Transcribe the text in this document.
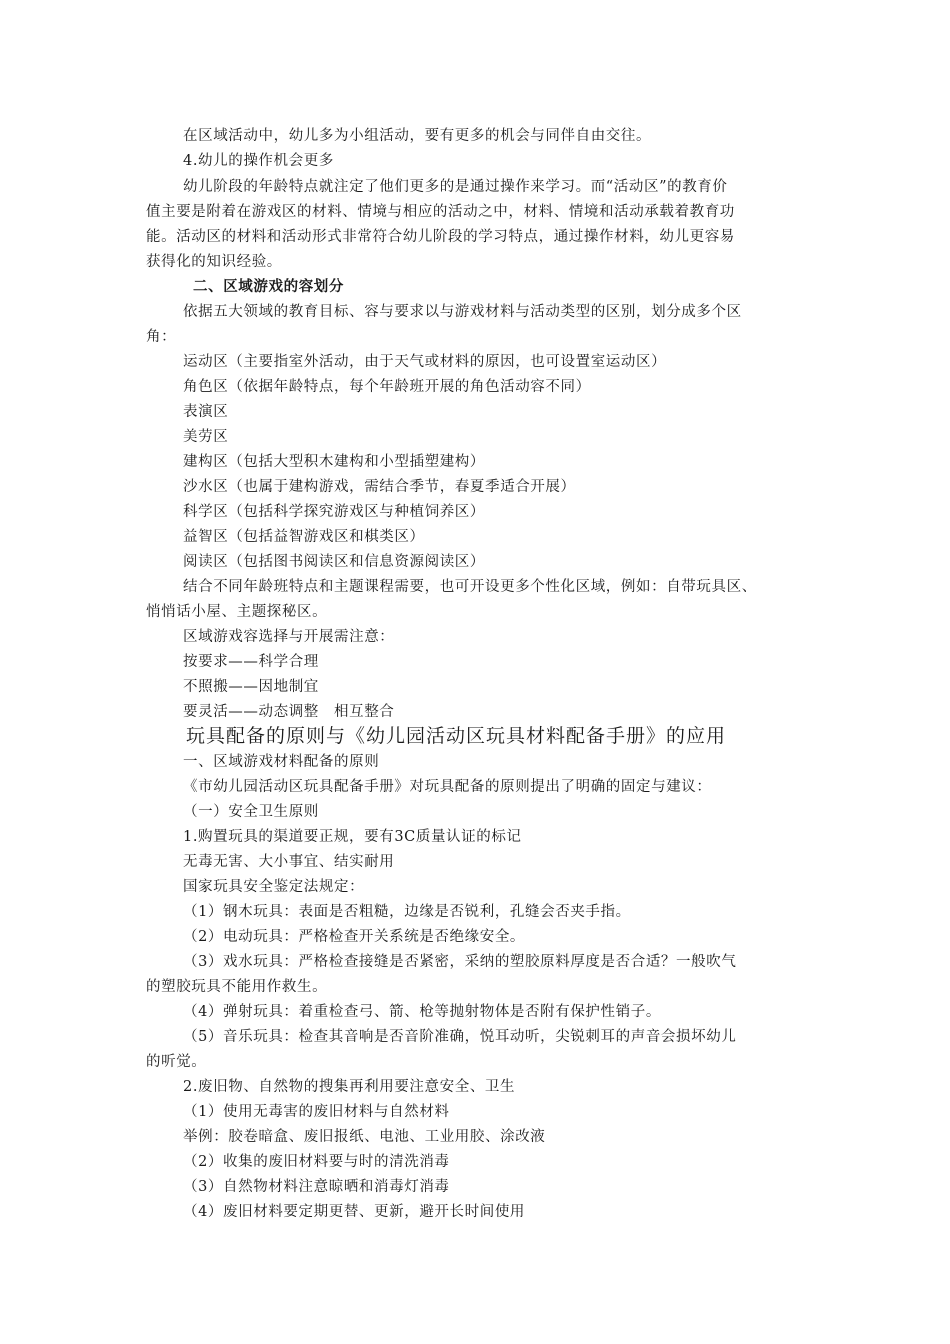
在区域活动中，幼儿多为小组活动，要有更多的机会与同伴自由交往。
4.幼儿的操作机会更多
幼儿阶段的年龄特点就注定了他们更多的是通过操作来学习。而“活动区”的教育价
值主要是附着在游戏区的材料、情境与相应的活动之中，材料、情境和活动承载着教育功
能。活动区的材料和活动形式非常符合幼儿阶段的学习特点，通过操作材料，幼儿更容易
获得化的知识经验。
二、区域游戏的容划分
依据五大领域的教育目标、容与要求以与游戏材料与活动类型的区别，划分成多个区
角：
运动区（主要指室外活动，由于天气或材料的原因，也可设置室运动区）
角色区（依据年龄特点，每个年龄班开展的角色活动容不同）
表演区
美劳区
建构区（包括大型积木建构和小型插塑建构）
沙水区（也属于建构游戏，需结合季节，春夏季适合开展）
科学区（包括科学探究游戏区与种植饲养区）
益智区（包括益智游戏区和棋类区）
阅读区（包括图书阅读区和信息资源阅读区）
结合不同年龄班特点和主题课程需要，也可开设更多个性化区域，例如：自带玩具区、
悄悄话小屋、主题探秘区。
区域游戏容选择与开展需注意：
按要求——科学合理
不照搬——因地制宜
要灵活——动态调整　相互整合
玩具配备的原则与《幼儿园活动区玩具材料配备手册》的应用
一、区域游戏材料配备的原则
《市幼儿园活动区玩具配备手册》对玩具配备的原则提出了明确的固定与建议：
（一）安全卫生原则
1.购置玩具的渠道要正规，要有3C质量认证的标记
无毒无害、大小事宜、结实耐用
国家玩具安全鉴定法规定：
（1）钢木玩具：表面是否粗糙，边缘是否锐利，孔缝会否夹手指。
（2）电动玩具：严格检查开关系统是否绝缘安全。
（3）戏水玩具：严格检查接缝是否紧密，采纳的塑胶原料厚度是否合适？一般吹气
的塑胶玩具不能用作救生。
（4）弹射玩具：着重检查弓、箭、枪等抛射物体是否附有保护性销子。
（5）音乐玩具：检查其音响是否音阶准确，悦耳动听，尖锐刺耳的声音会损坏幼儿
的听觉。
2.废旧物、自然物的搜集再利用要注意安全、卫生
（1）使用无毒害的废旧材料与自然材料
举例：胶卷暗盒、废旧报纸、电池、工业用胶、涂改液
（2）收集的废旧材料要与时的清洗消毒
（3）自然物材料注意晾晒和消毒灯消毒
（4）废旧材料要定期更替、更新，避开长时间使用
